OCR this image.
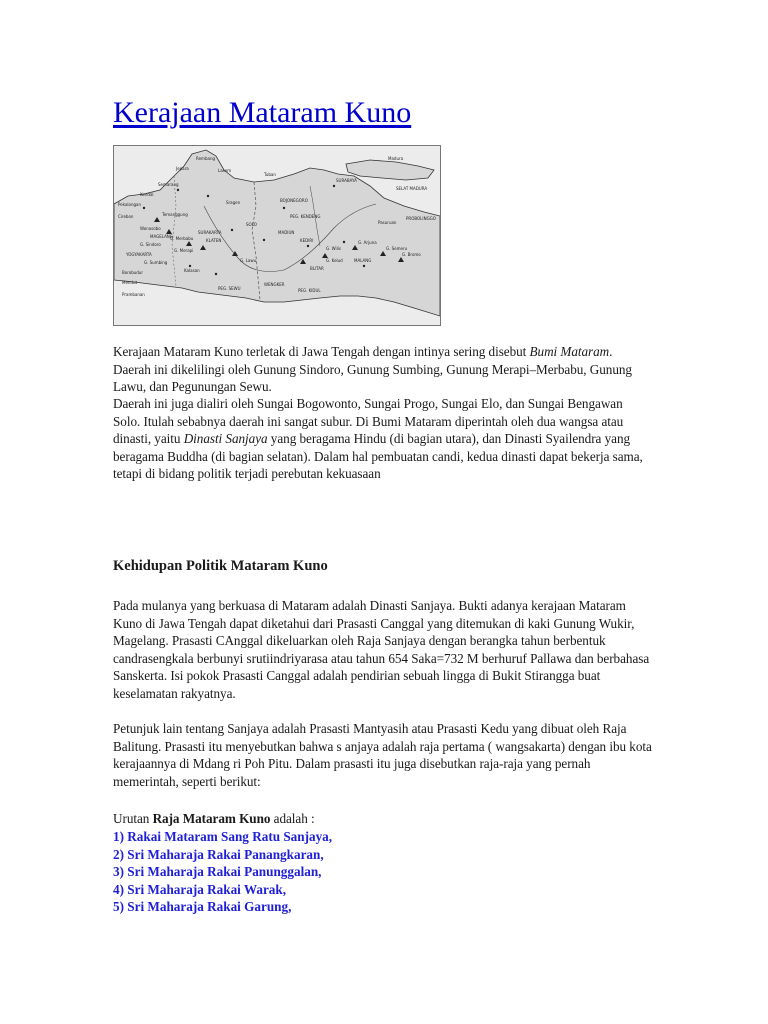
Kerajaan Mataram Kuno
Rembang
Lasem
Jepara
Tuban
Semarang
Kendal
Pekalongan
Cirebon
Sragen
Madura
SELAT MADURA
SURABAYA
BOJONEGORO
SOLO
YOGYAKARTA
MADIUN
KEDIRI
MALANG
BLITAR
PROBOLINGGO
KLATEN
SURAKARTA
MAGELANG
Pasuruan
Wonosobo
Temanggung	PEG. KENDENG
PEG. SEWU	PEG. KIDUL
WENGKER
Prambanan
Mendut
Borobudur
G. Merapi
G. Merbabu
G. Lawu
G. Wilis
G. Kelud
G. Arjuna
G. Semeru
G. Bromo
G. Sindoro
G. Sumbing
Kalasan

Kerajaan Mataram Kuno terletak di Jawa Tengah dengan intinya sering disebut Bumi Mataram. Daerah ini dikelilingi oleh Gunung Sindoro, Gunung Sumbing, Gunung Merapi–Merbabu, Gunung Lawu, dan Pegunungan Sewu.

Daerah ini juga dialiri oleh Sungai Bogowonto, Sungai Progo, Sungai Elo, dan Sungai Bengawan Solo. Itulah sebabnya daerah ini sangat subur. Di Bumi Mataram diperintah oleh dua wangsa atau dinasti, yaitu Dinasti Sanjaya yang beragama Hindu (di bagian utara), dan Dinasti Syailendra yang beragama Buddha (di bagian selatan). Dalam hal pembuatan candi, kedua dinasti dapat bekerja sama, tetapi di bidang politik terjadi perebutan kekuasaan

Kehidupan Politik Mataram Kuno

Pada mulanya yang berkuasa di Mataram adalah Dinasti Sanjaya. Bukti adanya kerajaan Mataram Kuno di Jawa Tengah dapat diketahui dari Prasasti Canggal yang ditemukan di kaki Gunung Wukir, Magelang. Prasasti CAnggal dikeluarkan oleh Raja Sanjaya dengan berangka tahun berbentuk candrasengkala berbunyi srutiindriyarasa atau tahun 654 Saka=732 M berhuruf Pallawa dan berbahasa Sanskerta. Isi pokok Prasasti Canggal adalah pendirian sebuah lingga di Bukit Stirangga buat keselamatan rakyatnya.

Petunjuk lain tentang Sanjaya adalah Prasasti Mantyasih atau Prasasti Kedu yang dibuat oleh Raja Balitung. Prasasti itu menyebutkan bahwa s anjaya adalah raja pertama ( wangsakarta) dengan ibu kota kerajaannya di Mdang ri Poh Pitu. Dalam prasasti itu juga disebutkan raja-raja yang pernah memerintah, seperti berikut:

Urutan Raja Mataram Kuno adalah :

1) Rakai Mataram Sang Ratu Sanjaya,
2) Sri Maharaja Rakai Panangkaran,
3) Sri Maharaja Rakai Panunggalan,
4) Sri Maharaja Rakai Warak,
5) Sri Maharaja Rakai Garung,
